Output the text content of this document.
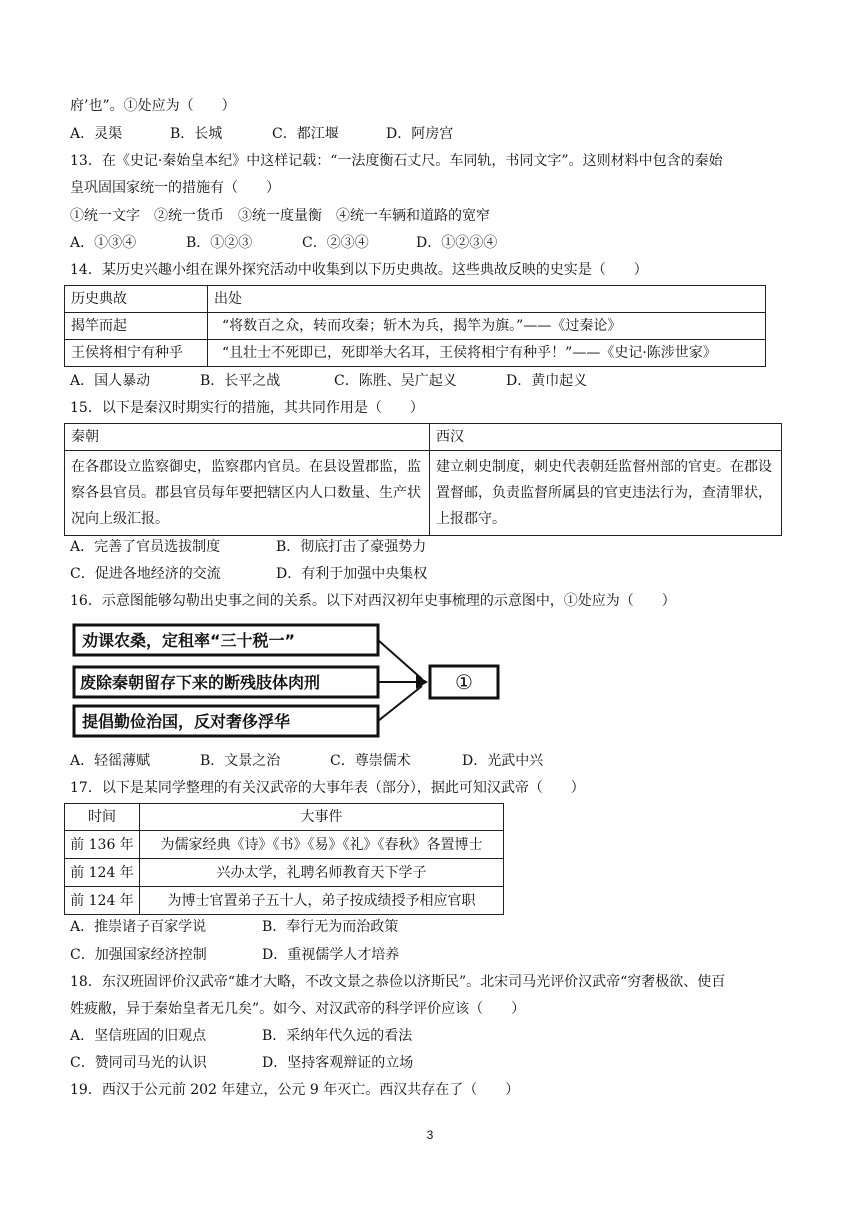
府’也”。①处应为（　　）
A．灵渠	B．长城	C．都江堰	D．阿房宫
13．在《史记·秦始皇本纪》中这样记载：“一法度衡石丈尺。车同轨，书同文字”。这则材料中包含的秦始
皇巩固国家统一的措施有（　　）
①统一文字　②统一货币　③统一度量衡　④统一车辆和道路的宽窄
A．①③④	B．①②③	C．②③④	D．①②③④
14．某历史兴趣小组在课外探究活动中收集到以下历史典故。这些典故反映的史实是（　　）
历史典故	出处
揭竿而起	“将数百之众，转而攻秦；斩木为兵，揭竿为旗。”——《过秦论》
王侯将相宁有种乎	“且壮士不死即已，死即举大名耳，王侯将相宁有种乎！”——《史记·陈涉世家》
A．国人暴动	B．长平之战	C．陈胜、吴广起义	D．黄巾起义
15．以下是秦汉时期实行的措施，其共同作用是（　　）
秦朝	西汉
在各郡设立监察御史，监察郡内官员。在县设置郡监，监察各县官员。郡县官员每年要把辖区内人口数量、生产状况向上级汇报。	建立刺史制度，刺史代表朝廷监督州部的官吏。在郡设置督邮，负责监督所属县的官吏违法行为，查清罪状，上报郡守。
A．完善了官员选拔制度	B．彻底打击了豪强势力
C．促进各地经济的交流	D．有利于加强中央集权
16．示意图能够勾勒出史事之间的关系。以下对西汉初年史事梳理的示意图中，①处应为（　　）
劝课农桑，定租率“三十税一”
废除秦朝留存下来的断残肢体肉刑
提倡勤俭治国，反对奢侈浮华
①
A．轻徭薄赋	B．文景之治	C．尊崇儒术	D．光武中兴
17．以下是某同学整理的有关汉武帝的大事年表（部分），据此可知汉武帝（　　）
时间	大事件
前 136 年	为儒家经典《诗》《书》《易》《礼》《春秋》各置博士
前 124 年	兴办太学，礼聘名师教育天下学子
前 124 年	为博士官置弟子五十人，弟子按成绩授予相应官职
A．推崇诸子百家学说	B．奉行无为而治政策
C．加强国家经济控制	D．重视儒学人才培养
18．东汉班固评价汉武帝“雄才大略，不改文景之恭俭以济斯民”。北宋司马光评价汉武帝“穷奢极欲、使百
姓疲敝，异于秦始皇者无几矣”。如今、对汉武帝的科学评价应该（　　）
A．坚信班固的旧观点	B．采纳年代久远的看法
C．赞同司马光的认识	D．坚持客观辩证的立场
19．西汉于公元前 202 年建立，公元 9 年灭亡。西汉共存在了（　　）
3
